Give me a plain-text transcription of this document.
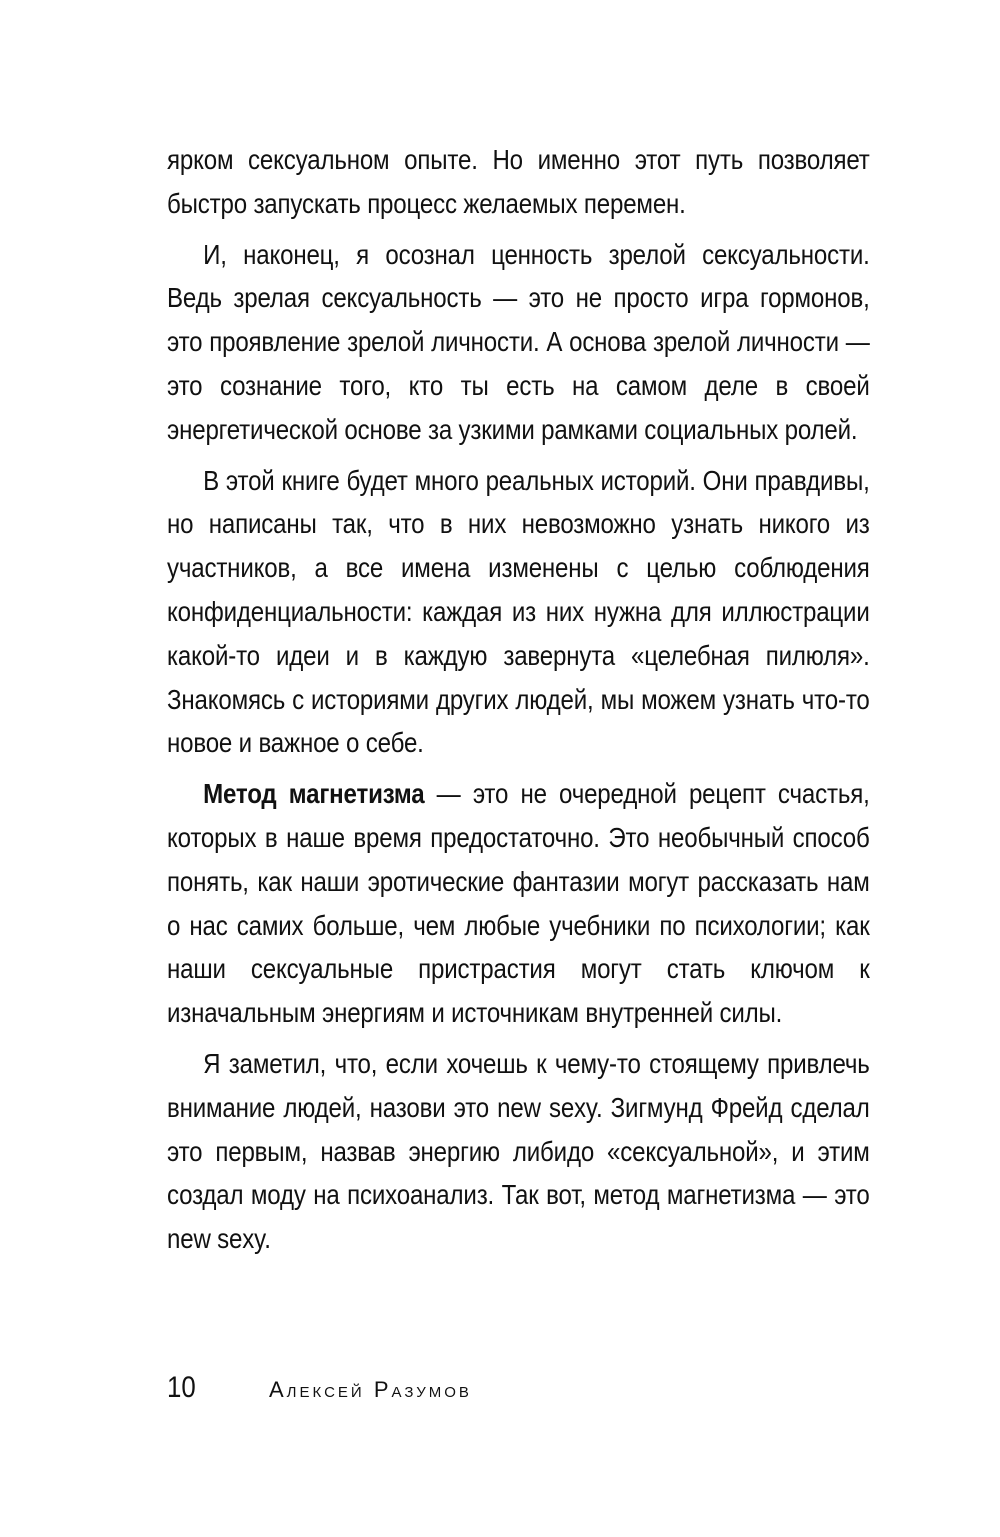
ярком сексуальном опыте. Но именно этот путь позволяет быстро запускать процесс желаемых перемен.

И, наконец, я осознал ценность зрелой сексуальности. Ведь зрелая сексуальность — это не просто игра гормонов, это проявление зрелой личности. А основа зрелой личности — это сознание того, кто ты есть на самом деле в своей энергетической основе за узкими рамками социальных ролей.

В этой книге будет много реальных историй. Они правдивы, но написаны так, что в них невозможно узнать никого из участников, а все имена изменены с целью соблюдения конфиденциальности: каждая из них нужна для иллюстрации какой-то идеи и в каждую завернута «целебная пилюля». Знакомясь с историями других людей, мы можем узнать что-то новое и важное о себе.

Метод магнетизма — это не очередной рецепт счастья, которых в наше время предостаточно. Это необычный способ понять, как наши эротические фантазии могут рассказать нам о нас самих больше, чем любые учебники по психологии; как наши сексуальные пристрастия могут стать ключом к изначальным энергиям и источникам внутренней силы.

Я заметил, что, если хочешь к чему-то стоящему привлечь внимание людей, назови это new sexy. Зигмунд Фрейд сделал это первым, назвав энергию либидо «сексуальной», и этим создал моду на психоанализ. Так вот, метод магнетизма — это new sexy.

10	Алексей Разумов
